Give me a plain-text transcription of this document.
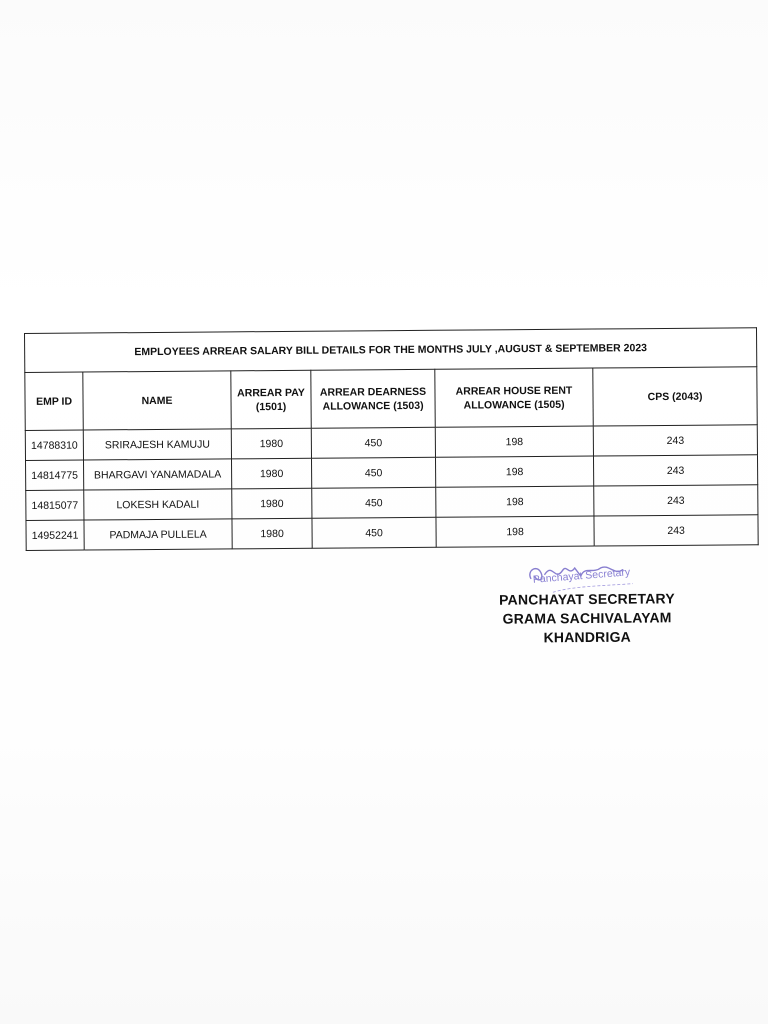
EMPLOYEES ARREAR SALARY BILL DETAILS FOR THE MONTHS JULY ,AUGUST & SEPTEMBER 2023					
EMP ID	NAME	ARREAR PAY (1501)	ARREAR DEARNESS ALLOWANCE (1503)	ARREAR HOUSE RENT ALLOWANCE (1505)	CPS (2043)
14788310	SRIRAJESH KAMUJU	1980	450	198	243
14814775	BHARGAVI YANAMADALA	1980	450	198	243
14815077	LOKESH KADALI	1980	450	198	243
14952241	PADMAJA PULLELA	1980	450	198	243
Panchayat Secretary
PANCHAYAT SECRETARY
GRAMA SACHIVALAYAM
KHANDRIGA
